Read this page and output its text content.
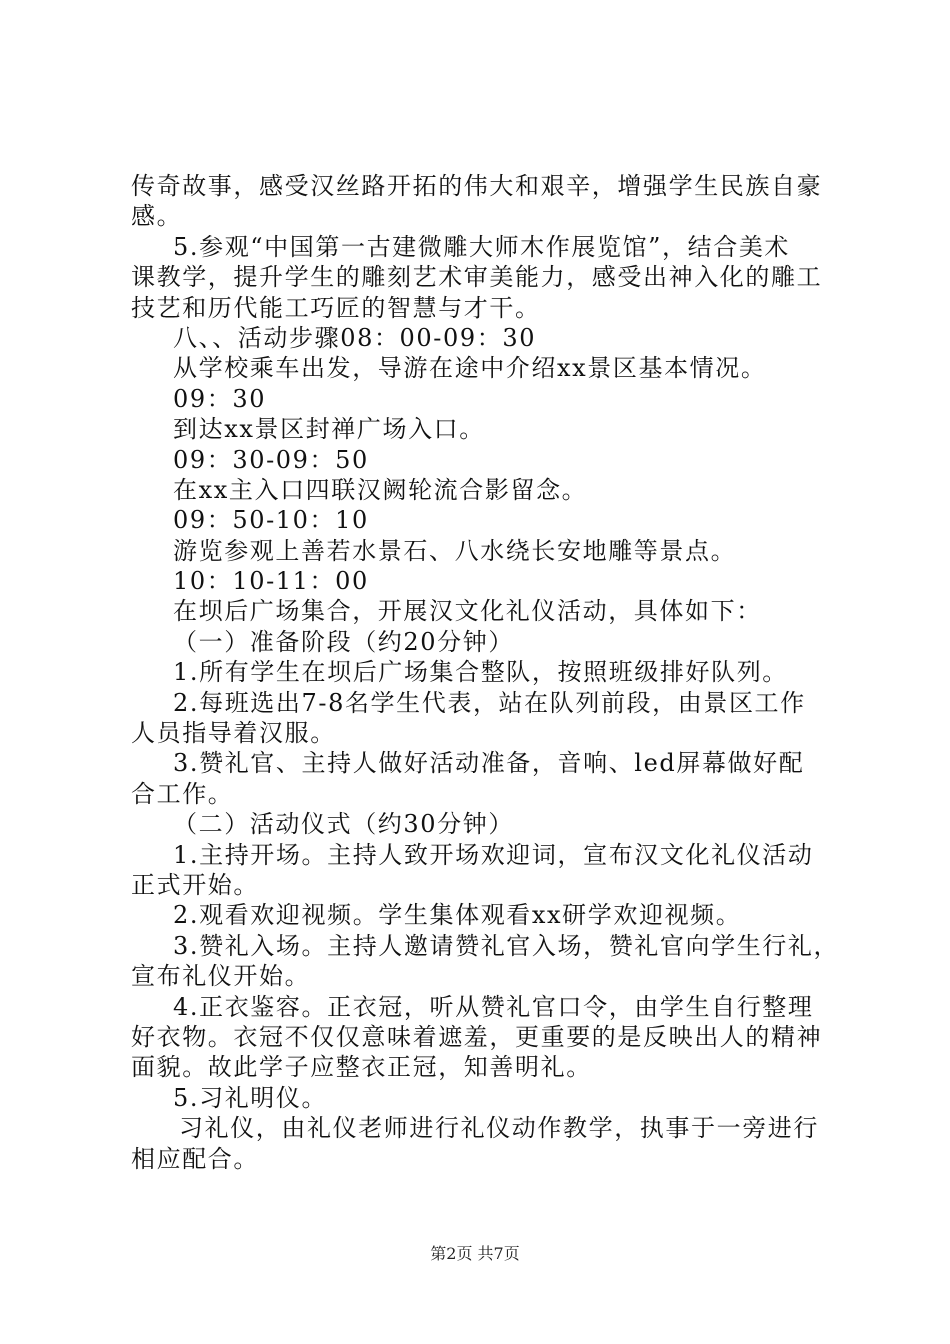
传奇故事，感受汉丝路开拓的伟大和艰辛，增强学生民族自豪
感。
5.参观“中国第一古建微雕大师木作展览馆”，结合美术
课教学，提升学生的雕刻艺术审美能力，感受出神入化的雕工
技艺和历代能工巧匠的智慧与才干。
八、、活动步骤08：00-09：30
从学校乘车出发，导游在途中介绍xx景区基本情况。
09：30
到达xx景区封禅广场入口。
09：30-09：50
在xx主入口四联汉阙轮流合影留念。
09：50-10：10
游览参观上善若水景石、八水绕长安地雕等景点。
10：10-11：00
在坝后广场集合，开展汉文化礼仪活动，具体如下：
（一）准备阶段（约20分钟）
1.所有学生在坝后广场集合整队，按照班级排好队列。
2.每班选出7-8名学生代表，站在队列前段，由景区工作
人员指导着汉服。
3.赞礼官、主持人做好活动准备，音响、led屏幕做好配
合工作。
（二）活动仪式（约30分钟）
1.主持开场。主持人致开场欢迎词，宣布汉文化礼仪活动
正式开始。
2.观看欢迎视频。学生集体观看xx研学欢迎视频。
3.赞礼入场。主持人邀请赞礼官入场，赞礼官向学生行礼，
宣布礼仪开始。
4.正衣鉴容。正衣冠，听从赞礼官口令，由学生自行整理
好衣物。衣冠不仅仅意味着遮羞，更重要的是反映出人的精神
面貌。故此学子应整衣正冠，知善明礼。
5.习礼明仪。
习礼仪，由礼仪老师进行礼仪动作教学，执事于一旁进行
相应配合。
第2页 共7页
